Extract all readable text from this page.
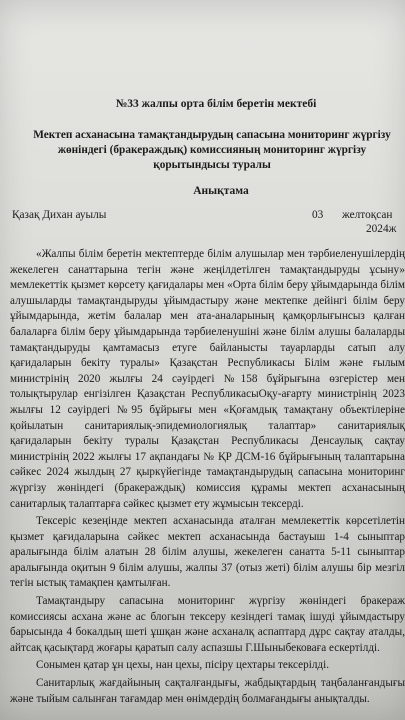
№33 жалпы орта білім беретін мектебі
Мектеп асханасына тамақтандырудың сапасына мониторинг жүргізу жөніндегі (бракераждық) комиссияның мониторинг жүргізу қорытындысы туралы
Анықтама
Қазақ Дихан ауылы	03 желтоқсан
2024ж

«Жалпы білім беретін мектептерде білім алушылар мен тәрбиеленушілердің жекелеген санаттарына тегін және жеңілдетілген тамақтандыруды ұсыну» мемлекеттік қызмет көрсету қағидалары мен «Орта білім беру ұйымдарында білім алушыларды тамақтандыруды ұйымдастыру және мектепке дейінгі білім беру ұйымдарында, жетім балалар мен ата-аналарының қамқорлығынсыз қалған балаларға білім беру ұйымдарында тәрбиеленушіні және білім алушы балаларды тамақтандыруды қамтамасыз етуге байланысты тауарларды сатып алу қағидаларын бекіту туралы» Қазақстан Республикасы Білім және ғылым министрінің 2020 жылғы 24 сәуірдегі №158 бұйрығына өзгерістер мен толықтырулар енгізілген Қазақстан РеспубликасыОқу-ағарту министрінің 2023 жылғы 12 сәуірдегі №95 бұйрығы мен «Қоғамдық тамақтану объектілеріне қойылатын санитариялық-эпидемиологиялық талаптар» санитариялық қағидаларын бекіту туралы Қазақстан Республикасы Денсаулық сақтау министрінің 2022 жылғы 17 ақпандағы № ҚР ДСМ-16 бұйрығының талаптарына сәйкес 2024 жылдың 27 қыркүйегінде тамақтандырудың сапасына мониторинг жүргізу жөніндегі (бракераждық) комиссия құрамы мектеп асханасының санитарлық талаптарға сәйкес қызмет ету жұмысын тексерді.

Тексеріс кезеңінде мектеп асханасында аталған мемлекеттік көрсетілетін қызмет қағидаларына сәйкес мектеп асханасында бастауыш 1-4 сыныптар аралығында білім алатын 28 білім алушы, жекелеген санатта 5-11 сыныптар аралығында оқитын 9 білім алушы, жалпы 37 (отыз жеті) білім алушы бір мезгіл тегін ыстық тамақпен қамтылған.

Тамақтандыру сапасына мониторинг жүргізу жөніндегі бракераж комиссиясы асхана және ас блогын тексеру кезіндегі тамақ ішуді ұйымдастыру барысында 4 бокалдың шеті ұшқан және асханалқ аспаптард дұрс сақтау аталды, айтсақ қасықтард жоғары қаратып салу аспазшы Г.Шыныбековаға ескертілді.

Сонымен қатар ұн цехы, нан цехы, пісіру цехтары тексерілді.

Санитарлық жағдайының сақталғандығы, жабдықтардың таңбаланғандығы және тыйым салынған тағамдар мен өнімдердің болмағандығы анықталды.
